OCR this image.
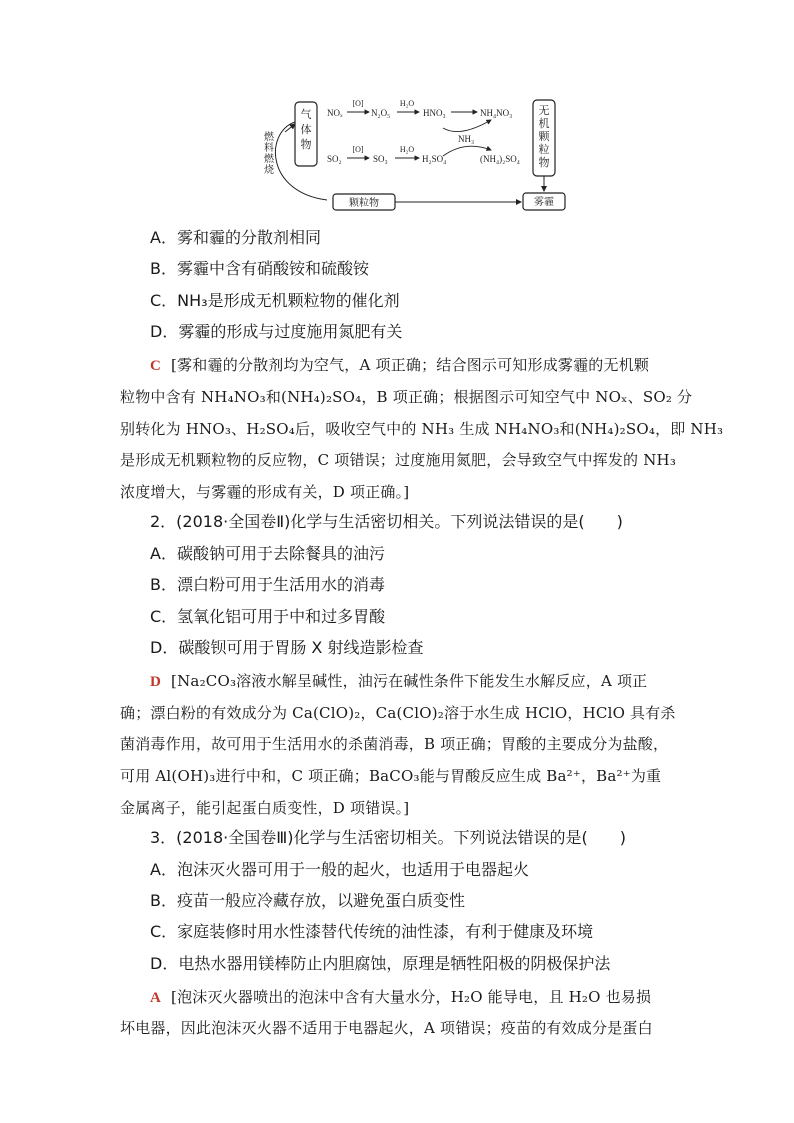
气体物
无机颗粒物
燃料燃烧
颗粒物	雾霾
NOₓ
[O]
N₂O₅
H₂O
HNO₃	NH₄NO₃
NH₃
SO₂
[O]
SO₃
H₂O
H₂SO₄	(NH₄)₂SO₄
A．雾和霾的分散剂相同
B．雾霾中含有硝酸铵和硫酸铵
C．NH₃是形成无机颗粒物的催化剂
D．雾霾的形成与过度施用氮肥有关
C [雾和霾的分散剂均为空气，A 项正确；结合图示可知形成雾霾的无机颗
粒物中含有 NH₄NO₃和(NH₄)₂SO₄，B 项正确；根据图示可知空气中 NOₓ、SO₂ 分
别转化为 HNO₃、H₂SO₄后，吸收空气中的 NH₃ 生成 NH₄NO₃和(NH₄)₂SO₄，即 NH₃
是形成无机颗粒物的反应物，C 项错误；过度施用氮肥，会导致空气中挥发的 NH₃
浓度增大，与雾霾的形成有关，D 项正确。]
2．(2018·全国卷Ⅱ)化学与生活密切相关。下列说法错误的是(　　)
A．碳酸钠可用于去除餐具的油污
B．漂白粉可用于生活用水的消毒
C．氢氧化铝可用于中和过多胃酸
D．碳酸钡可用于胃肠 X 射线造影检查
D [Na₂CO₃溶液水解呈碱性，油污在碱性条件下能发生水解反应，A 项正
确；漂白粉的有效成分为 Ca(ClO)₂，Ca(ClO)₂溶于水生成 HClO，HClO 具有杀
菌消毒作用，故可用于生活用水的杀菌消毒，B 项正确；胃酸的主要成分为盐酸，
可用 Al(OH)₃进行中和，C 项正确；BaCO₃能与胃酸反应生成 Ba²⁺，Ba²⁺为重
金属离子，能引起蛋白质变性，D 项错误。]
3．(2018·全国卷Ⅲ)化学与生活密切相关。下列说法错误的是(　　)
A．泡沫灭火器可用于一般的起火，也适用于电器起火
B．疫苗一般应冷藏存放，以避免蛋白质变性
C．家庭装修时用水性漆替代传统的油性漆，有利于健康及环境
D．电热水器用镁棒防止内胆腐蚀，原理是牺牲阳极的阴极保护法
A [泡沫灭火器喷出的泡沫中含有大量水分，H₂O 能导电，且 H₂O 也易损
坏电器，因此泡沫灭火器不适用于电器起火，A 项错误；疫苗的有效成分是蛋白
